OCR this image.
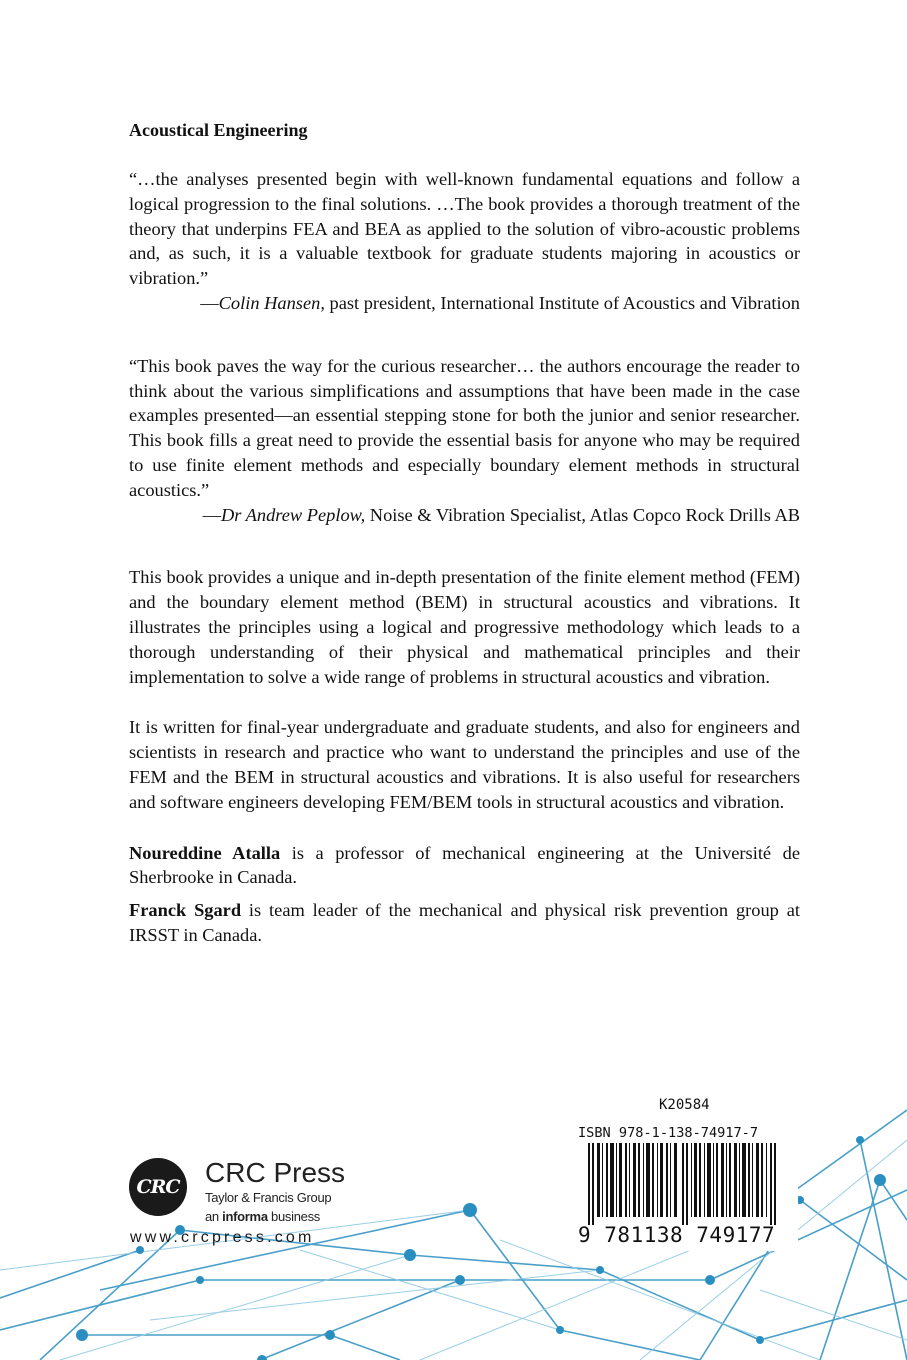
Acoustical Engineering

“…the analyses presented begin with well-known fundamental equations and follow a logical progression to the final solutions. …The book provides a thorough treatment of the theory that underpins FEA and BEA as applied to the solution of vibro-acoustic problems and, as such, it is a valuable textbook for graduate students majoring in acoustics or vibration.”

—Colin Hansen, past president, International Institute of Acoustics and Vibration

“This book paves the way for the curious researcher… the authors encourage the reader to think about the various simplifications and assumptions that have been made in the case examples presented—an essential stepping stone for both the junior and senior researcher. This book fills a great need to provide the essential basis for anyone who may be required to use finite element methods and especially boundary element methods in structural acoustics.”

—Dr Andrew Peplow, Noise & Vibration Specialist, Atlas Copco Rock Drills AB

This book provides a unique and in-depth presentation of the finite element method (FEM) and the boundary element method (BEM) in structural acoustics and vibrations. It illustrates the principles using a logical and progressive methodology which leads to a thorough understanding of their physical and mathematical principles and their implementation to solve a wide range of problems in structural acoustics and vibration.

It is written for final-year undergraduate and graduate students, and also for engineers and scientists in research and practice who want to understand the principles and use of the FEM and the BEM in structural acoustics and vibrations. It is also useful for researchers and software engineers developing FEM/BEM tools in structural acoustics and vibration.

Noureddine Atalla is a professor of mechanical engineering at the Université de Sherbrooke in Canada.

Franck Sgard is team leader of the mechanical and physical risk prevention group at IRSST in Canada.

CRC CRC Press
Taylor & Francis Group
an informa business
www.crcpress.com
K20584
ISBN 978-1-138-74917-7
9 781138 749177
